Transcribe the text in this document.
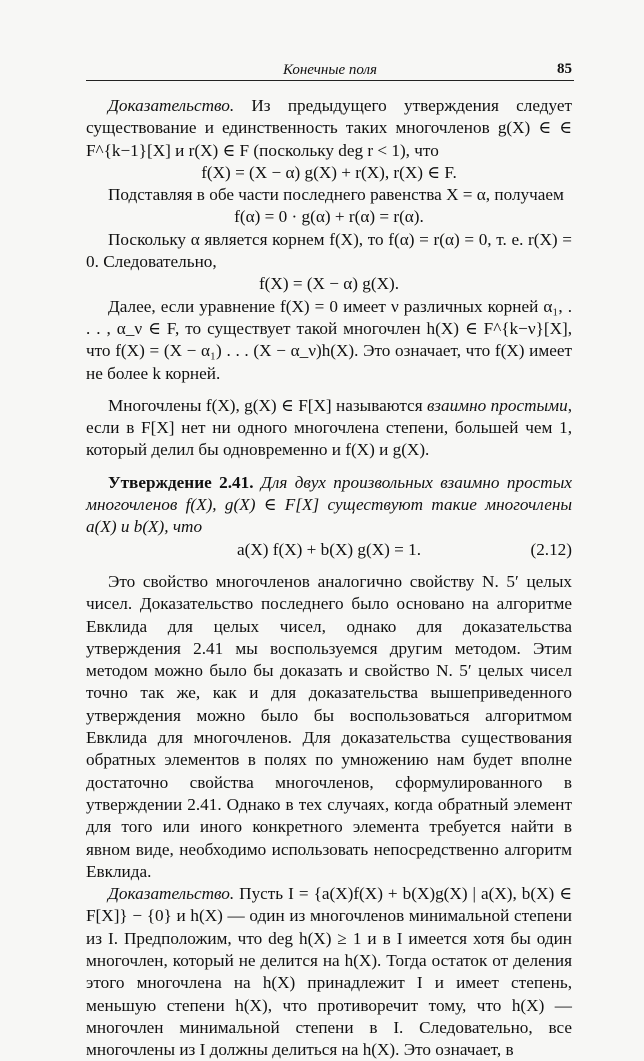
Конечные поля	85

Доказательство. Из предыдущего утверждения следует существование и единственность таких многочленов g(X) ∈ ∈ F^{k−1}[X] и r(X) ∈ F (поскольку deg r < 1), что

f(X) = (X − α) g(X) + r(X), r(X) ∈ F.

Подставляя в обе части последнего равенства X = α, получаем

f(α) = 0 · g(α) + r(α) = r(α).

Поскольку α является корнем f(X), то f(α) = r(α) = 0, т. е. r(X) = 0. Следовательно,

f(X) = (X − α) g(X).

Далее, если уравнение f(X) = 0 имеет ν различных корней α₁, . . . , α_ν ∈ F, то существует такой многочлен h(X) ∈ F^{k−ν}[X], что f(X) = (X − α₁) . . . (X − α_ν)h(X). Это означает, что f(X) имеет не более k корней.

Многочлены f(X), g(X) ∈ F[X] называются взаимно простыми, если в F[X] нет ни одного многочлена степени, большей чем 1, который делил бы одновременно и f(X) и g(X).

Утверждение 2.41. Для двух произвольных взаимно простых многочленов f(X), g(X) ∈ F[X] существуют такие многочлены a(X) и b(X), что

a(X) f(X) + b(X) g(X) = 1.	(2.12)

Это свойство многочленов аналогично свойству N. 5′ целых чисел. Доказательство последнего было основано на алгоритме Евклида для целых чисел, однако для доказательства утверждения 2.41 мы воспользуемся другим методом. Этим методом можно было бы доказать и свойство N. 5′ целых чисел точно так же, как и для доказательства вышеприведенного утверждения можно было бы воспользоваться алгоритмом Евклида для многочленов. Для доказательства существования обратных элементов в полях по умножению нам будет вполне достаточно свойства многочленов, сформулированного в утверждении 2.41. Однако в тех случаях, когда обратный элемент для того или иного конкретного элемента требуется найти в явном виде, необходимо использовать непосредственно алгоритм Евклида.

Доказательство. Пусть I = {a(X)f(X) + b(X)g(X) | a(X), b(X) ∈ F[X]} − {0} и h(X) — один из многочленов минимальной степени из I. Предположим, что deg h(X) ≥ 1 и в I имеется хотя бы один многочлен, который не делится на h(X). Тогда остаток от деления этого многочлена на h(X) принадлежит I и имеет степень, меньшую степени h(X), что противоречит тому, что h(X) — многочлен минимальной степени в I. Следовательно, все многочлены из I должны делиться на h(X). Это означает, в
